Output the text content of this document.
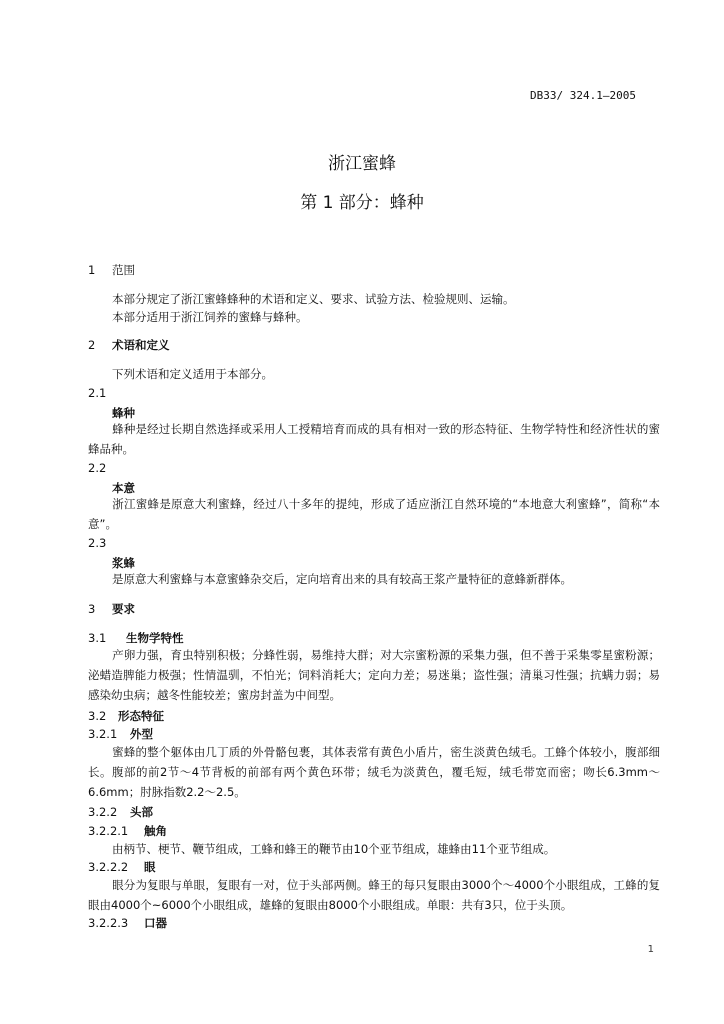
DB33/ 324.1—2005
浙江蜜蜂
第 1 部分：蜂种
1 范围
本部分规定了浙江蜜蜂蜂种的术语和定义、要求、试验方法、检验规则、运输。
本部分适用于浙江饲养的蜜蜂与蜂种。
2 术语和定义
下列术语和定义适用于本部分。
2.1
蜂种
蜂种是经过长期自然选择或采用人工授精培育而成的具有相对一致的形态特征、生物学特性和经济性状的蜜蜂品种。
2.2
本意
浙江蜜蜂是原意大利蜜蜂，经过八十多年的提纯，形成了适应浙江自然环境的“本地意大利蜜蜂”，简称“本意”。
2.3
浆蜂
是原意大利蜜蜂与本意蜜蜂杂交后，定向培育出来的具有较高王浆产量特征的意蜂新群体。
3 要求
3.1 生物学特性
产卵力强，育虫特别积极；分蜂性弱，易维持大群；对大宗蜜粉源的采集力强，但不善于采集零星蜜粉源；泌蜡造脾能力极强；性情温驯，不怕光；饲料消耗大；定向力差；易迷巢；盗性强；清巢习性强；抗螨力弱；易感染幼虫病；越冬性能较差；蜜房封盖为中间型。
3.2 形态特征
3.2.1 外型
蜜蜂的整个躯体由几丁质的外骨骼包裹，其体表常有黄色小盾片，密生淡黄色绒毛。工蜂个体较小，腹部细长。腹部的前2节～4节背板的前部有两个黄色环带；绒毛为淡黄色，覆毛短，绒毛带宽而密；吻长6.3mm～6.6mm；肘脉指数2.2～2.5。
3.2.2 头部
3.2.2.1 触角
由柄节、梗节、鞭节组成，工蜂和蜂王的鞭节由10个亚节组成，雄蜂由11个亚节组成。
3.2.2.2 眼
眼分为复眼与单眼，复眼有一对，位于头部两侧。蜂王的每只复眼由3000个～4000个小眼组成，工蜂的复眼由4000个~6000个小眼组成，雄蜂的复眼由8000个小眼组成。单眼：共有3只，位于头顶。
3.2.2.3 口器
1
